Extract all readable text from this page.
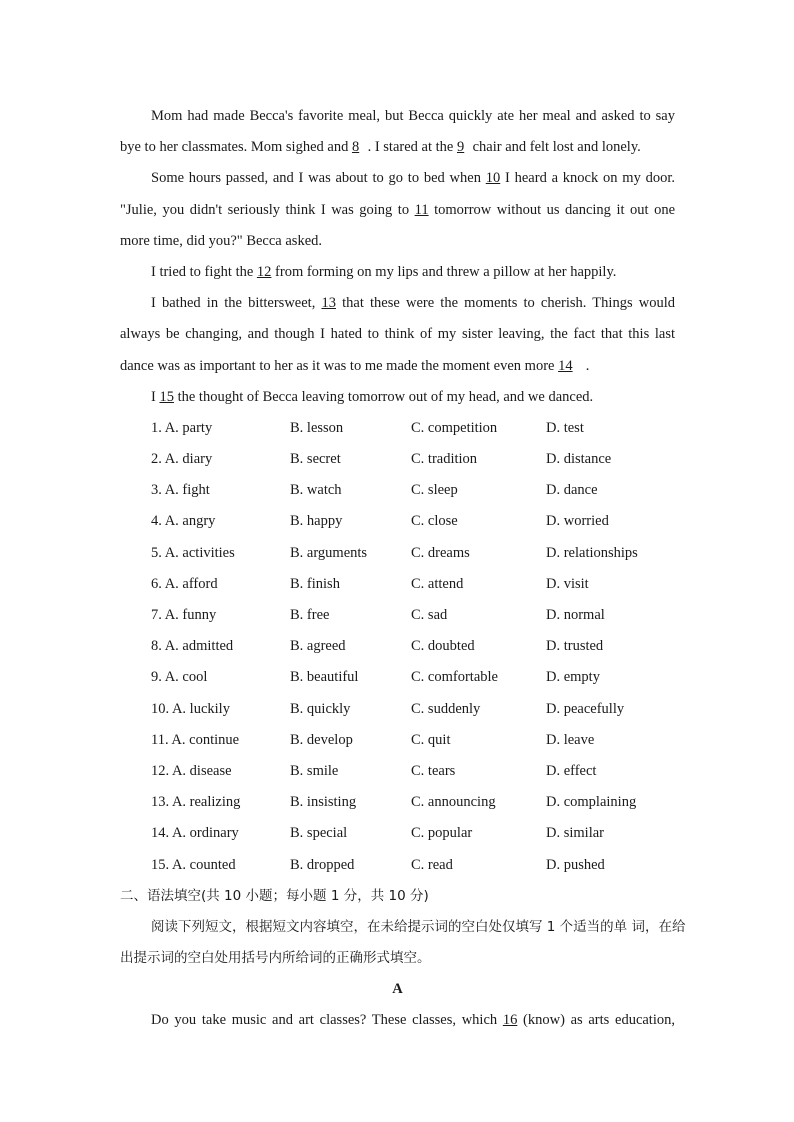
Mom had made Becca's favorite meal, but Becca quickly ate her meal and asked to say
bye to her classmates. Mom sighed and 8 . I stared at the 9 chair and felt lost and lonely.
Some hours passed, and I was about to go to bed when 10 I heard a knock on my door.
"Julie, you didn't seriously think I was going to 11 tomorrow without us dancing it out one
more time, did you?" Becca asked.
I tried to fight the 12 from forming on my lips and threw a pillow at her happily.
I bathed in the bittersweet, 13 that these were the moments to cherish. Things would
always be changing, and though I hated to think of my sister leaving, the fact that this last
dance was as important to her as it was to me made the moment even more 14 .
I 15 the thought of Becca leaving tomorrow out of my head, and we danced.
1. A. party	B. lesson	C. competition	D. test
2. A. diary	B. secret	C. tradition	D. distance
3. A. fight	B. watch	C. sleep	D. dance
4. A. angry	B. happy	C. close	D. worried
5. A. activities	B. arguments	C. dreams	D. relationships
6. A. afford	B. finish	C. attend	D. visit
7. A. funny	B. free	C. sad	D. normal
8. A. admitted	B. agreed	C. doubted	D. trusted
9. A. cool	B. beautiful	C. comfortable	D. empty
10. A. luckily	B. quickly	C. suddenly	D. peacefully
11. A. continue	B. develop	C. quit	D. leave
12. A. disease	B. smile	C. tears	D. effect
13. A. realizing	B. insisting	C. announcing	D. complaining
14. A. ordinary	B. special	C. popular	D. similar
15. A. counted	B. dropped	C. read	D. pushed
二、语法填空(共 10 小题；每小题 1 分，共 10 分)
阅读下列短文，根据短文内容填空，在未给提示词的空白处仅填写 1 个适当的单 词，在给
出提示词的空白处用括号内所给词的正确形式填空。
A
Do you take music and art classes? These classes, which 16 (know) as arts education,
